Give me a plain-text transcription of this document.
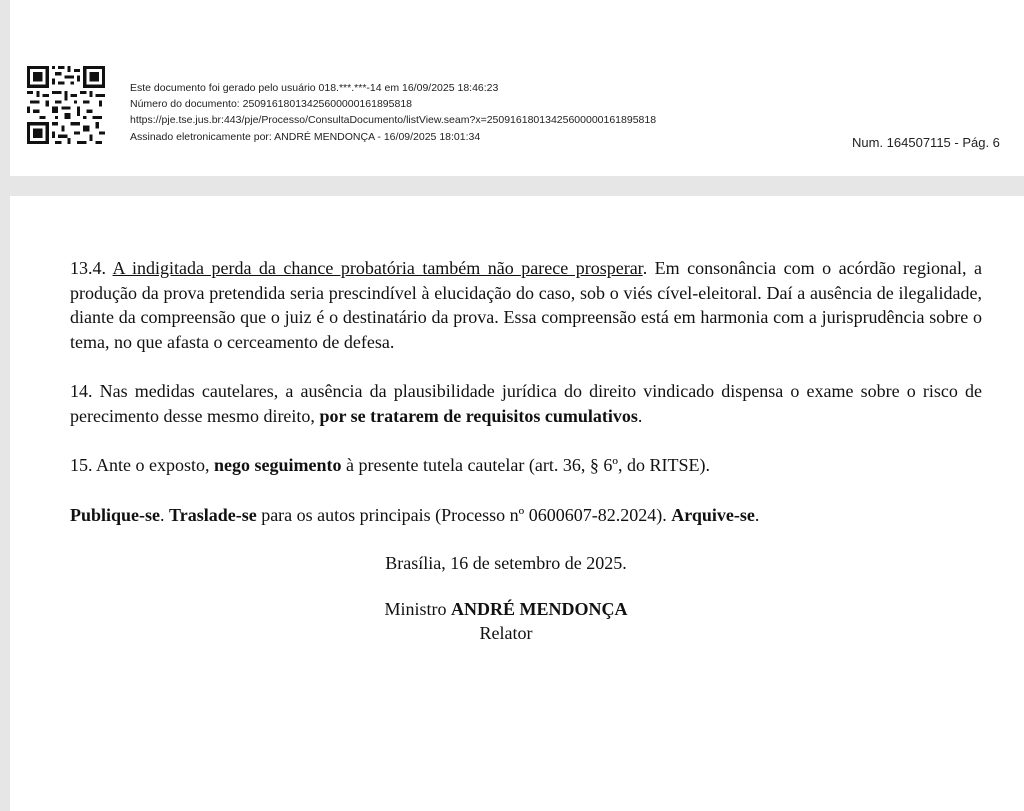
Este documento foi gerado pelo usuário 018.***.***-14 em 16/09/2025 18:46:23
Número do documento: 25091618013425600000161895818
https://pje.tse.jus.br:443/pje/Processo/ConsultaDocumento/listView.seam?x=25091618013425600000161895818
Assinado eletronicamente por: ANDRÉ MENDONÇA - 16/09/2025 18:01:34	Num. 164507115 - Pág. 6

13.4. A indigitada perda da chance probatória também não parece prosperar. Em consonância com o acórdão regional, a produção da prova pretendida seria prescindível à elucidação do caso, sob o viés cível-eleitoral. Daí a ausência de ilegalidade, diante da compreensão que o juiz é o destinatário da prova. Essa compreensão está em harmonia com a jurisprudência sobre o tema, no que afasta o cerceamento de defesa.

14. Nas medidas cautelares, a ausência da plausibilidade jurídica do direito vindicado dispensa o exame sobre o risco de perecimento desse mesmo direito, por se tratarem de requisitos cumulativos.

15. Ante o exposto, nego seguimento à presente tutela cautelar (art. 36, § 6º, do RITSE).

Publique-se. Traslade-se para os autos principais (Processo nº 0600607-82.2024). Arquive-se.

Brasília, 16 de setembro de 2025.
Ministro ANDRÉ MENDONÇA
Relator
